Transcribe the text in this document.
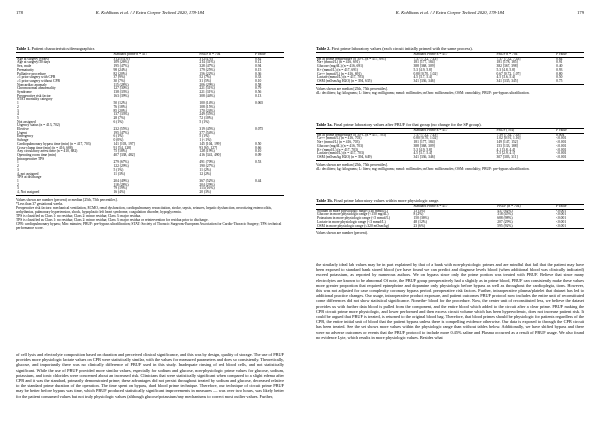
178	K. Kohlhaas et al. / J Extra Corpor Technol 2020, 178-184
Table 1. Patient characteristics/demographics
	Standard prime n = 417	PBUF n = 704	P value
Age at surgery (years)	3 (2/5/4, 6)	3 (2/4, 6)	0.82
Age at surgery/30 days	109 (26%)	214 (31%)	0.12
Sex, male	195 (47%)	328 (47%)	0.94
Prematurity	98 (24%)	179 (25%)	0.15
Palliative procedure	82 (20%)	156 (22%)	0.36
≥1 prior surgery with CPB	37 (9%)	52 (7%)	0.33
≥1 prior surgery without CPB	30 (7%)	31 (5%)	0.10
Noncardiac anomaly	115 (28%)	206 (29%)	0.58
Chromosomal abnormality	127 (30%)	221 (31%)	0.79
Syndrome	138 (33%)	221 (31%)	0.56
Preoperative risk factor	163 (39%)	308 (44%)	0.13
STAT mortality category			
1	50 (12%)	100 (14%)	0.065
2	76 (18%)	108 (15%)	
3	85 (20%)	170 (24%)	
4	137 (33%)	249 (35%)	
5	28 (7%)	72 (10%)	
Not assigned	6 (1%)	5 (1%)	
Urgency status (n = 413, 702)			
Elective	232 (55%)	319 (45%)	0.075
Urgent	195 (47%)	377 (54%)	
Emergency	6 (1%)	5 (1%)	
Salvage	0 (0%)	1 (<1%)	
Cardiopulmonary bypass time (min) (n = 417, 703)	141 [103, 197]	145 [104, 199]	0.50
Cross-clamp time (min) (n = 416, 688)	91 [54, 128]	93 [65, 127]	0.66
Any circulatory arrest time (n = 410, 682)	75 (18%)	128 (19%)	0.10
Operating room time (min)	407 [338, 482]	416 [341, 490]	0.09
Intraoperative TPS			
1	279 (67%)	491 (70%)	0.53
2	122 (29%)	190 (27%)	
3	5 (1%)	11 (2%)	
4, not assigned	11 (3%)	12 (2%)	
TPS at discharge			
1	204 (49%)	367 (52%)	0.44
2	118 (28%)	204 (29%)	
3	79 (19%)	113 (16%)	
4, Not assigned	16 (4%)	20 (3%)	

Values shown are number (percent) or median [25th, 75th percentiles].

*Less than 37 gestational weeks.

Preoperative risk factors: mechanical ventilation, ECMO, renal dysfunction, cardiopulmonary resuscitation, stroke, sepsis, seizures, hepatic dysfunction, necrotizing enterocolitis, arrhythmias, pulmonary hypertension, shock, hypoplastic left heart syndrome, coagulation disorder, hypoglycemia.

TPS is classified as Class 1: no residua; Class 2: minor residua; Class 3: major residua.

TPS is classified as Class 1: no residua; Class 2: minor residua; Class 3: major residua or reintervention for residua prior to discharge.

CPB: cardiopulmonary bypass; Min: minutes; PBUF: pre-bypass ultrafiltration; STAT: Society of Thoracic Surgeons-European Association for Cardio-Thoracic Surgery; TPS: technical performance score.

of cell lysis and electrolyte composition based on duration and perceived clinical significance, and this was by design, quality of storage. The use of PBUF provides more physiologic lactate values on CPB were statistically similar, with the values for measured parameters and does so consistently. Theoretically, glucose, and importantly there was no clinically difference of PBUF used in this study. Inadequate rinsing of red blood cells, and not statistically significant. While the use of PBUF provided more similar values, especially for sodium and glucose, non-physiologic prime values for glucose, sodium, potassium, and ionic chlorides were concerned about an increased risk. Clinicians that were statistically significant when compared to a slight edema after CPB and it was the standard, primarily demonstrated prime; these advantages did not persist throughout treated by sodium and glucose, decreased relative to the standard prime duration of the operation. The time spent on bypass, dard blood prime technique. Therefore, our technique of circuit prime PBUF may be better before bypass was time, which PBUF produced statistically significant improvements in measures — was over two hours, was likely better for the patient consumed values but not truly physiologic values (although glucose/potassium/any mechanisms to correct most outlier values. Further,

K. Kohlhaas et al. / J Extra Corpor Technol 2020, 178-184	179
Table 2. First prime laboratory values (each circuit initially primed with the same process).
	Standard Prime n = 417	PBUF n = 704	P value
pH at prime temperature of 30°C (n = 417, 691)	7.37 [7.32, 7.43]	7.37 [7.32, 7.43]	0.64
Na+ (mmol/L) (n = 416, 691)	181 [177, 184]	181 [178, 185]	0.91
Glucose (mg/dL) (n = 416, 691)	388 [368, 309]	382 [367, 398]	0.40
K+ (mmol/L) (n = 417, 691)	5.3 [4.9, 5.8]	5.3 [4.8, 5.8]	0.93
Ca++ (mmol/L) (n = 416, 691)	0.80 [0.70, 1.02]	0.67 [0.72, 1.07]	0.80
Lactate (mmol/L) (n = 417, 703)	4.5 [3.7, 5.4]	4.5 [3.6, 5.4]	0.50
OSM (mOsm/kg H2O) (n = 394, 635)	341 [336, 346]	341 [335, 345]	0.75

Values shown are median [25th, 75th percentiles].

dL: deciliters; kg: kilograms; L: liters; mg: milligrams; mmol: millimoles; mOsm: milliosmoles; OSM: osmolality; PBUF: pre-bypass ultrafiltration.

Table 3a. Final prime laboratory values after PBUF for that group (no change for the SP group).
	Standard Prime n = 417	PBUF (704)	P value
pH at prime temperature of 30°C (n = 417, 703)	7.37 [7.32, 7.43]	7.39 [7.34, 7.43]	0.004
Ca++ (mmol/L) (n = 416, 703)	0.80 [0.70, 1.02]	1.02 [0.91, 1.16]	<0.001
Na+ (mmol/L) (n = 416, 703)	181 [177, 184]	149 [147, 152]	<0.001
Glucose (mg/dL) (n = 416, 703)	388 [368, 309]	153 [133, 188]	<0.001
K+ (mmol/L) (n = 417, 703)	5.3 [4.9, 5.8]	4.1 [3.8, 4.4]	<0.001
Lactate (mmol/L) (n = 417, 703)	4.5 [3.7, 5.4]	3.5 [2.9, 4.1]	<0.001
OSM (mOsm/kg H2O) (n = 394, 649)	341 [336, 346]	307 [303, 311]	<0.001

Values shown are median [25th, 75th percentiles].

dL: deciliters; kg: kilograms; L: liters; mg: milligrams; mmol: millimoles; mOsm: milliosmoles; OSM: osmolality; PBUF: pre-bypass ultrafiltration.

Table 3b. Final prime laboratory values within more physiologic range.
	Standard Prime n = 417	PBUF (n = 704)	P value
Sodium in more physiologic range (140 mmol/L)	13 (3%)	437 (62%)	<0.001
Glucose in more physiologic range (<150 mg/dL)	8 (2%)	318 (45%)	<0.001
Potassium in more physiologic range (<5 mmol/L)	150 (36%)	688 (98%)	<0.001
Lactate in more physiologic range (<3 mmol/L)	48 (12%)	207 (29%)	<0.001
OSM in more physiologic range (≤320 mOsm/kg)	23 (6%)	595 (92%)	<0.001

Values shown are number (percent).

the similarly ideal lab values may be in part explained by that of a bank with non-physiologic primes and are mindful that fail that the patient may have been exposed to standard bank stored blood (we have found we can predict and diagnose levels blood (when additional blood was clinically indicated) exceed potassium, as reported by numerous authors. We on bypass since only the prime portion was treated with PBUF. Believe that since many electrolytes are known to be abnormal Of note, the PBUF group preoperatively had a slightly as in prime blood, PBUF can consistently make these values more greater proportion that required epinephrine and dopamine only physiologic before bypass as well as throughout the cardioplegia, tions. However, this was not adjusted for case complexity coronary bypass period. preoperative risk factors. Further, intraoperative plasma/platelet that dataset has led to additional practice changes. Our usage, intraoperative product exposure, and patient outcomes PBUF protocol now includes the entire unit of reconstituted come differences did not show statistical significance. Nonethe- blood for the procedure. Now, the center unit of reconstituted less, we believe the dataset provides us with further data blood is pulled from the component, and the entire blood which added to the circuit after a clear prime. PBUF making the CPB circuit prime more physiologic, and lower performed and then excess circuit volume which has been hypervolemic, does not increase patient risk. It could be argued that PBUF is treated, is returned to the original blood bag. Therefore, that blood primes should be physiologic for patients regardless of the CPB, the entire initial unit of blood that the patient bypass unless there is compelling evidence otherwise. Our data is exposed to through the CPB circuit has been treated. See the set shows more values within the physiologic range than without tables below. Additionally, we have shifted bypass and there were no adverse outcomes or events that the PBUF protocol to include more 0.45% saline and Plasma occurred as a result of PBUF usage. We also found no evidence Lyte, which results in more physiologic values. Besides what
